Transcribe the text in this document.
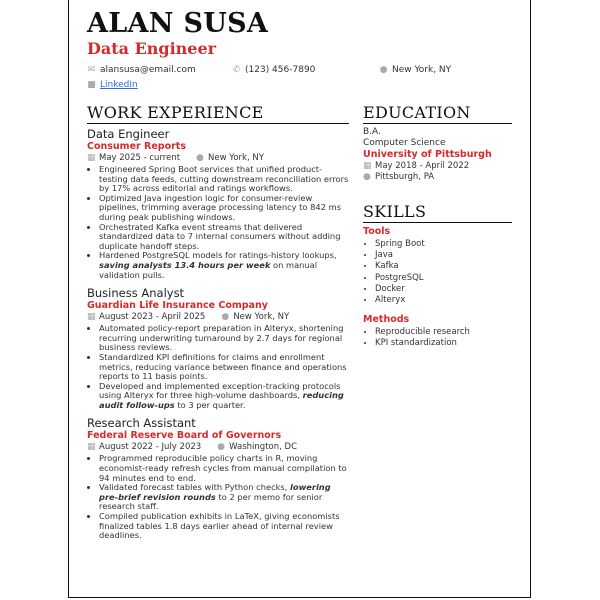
ALAN SUSA
Data Engineer
✉ alansusa@email.com	✆ (123) 456-7890	● New York, NY
■ LinkedIn
WORK EXPERIENCE
Data Engineer
Consumer Reports
▦ May 2025 - current ● New York, NY
• Engineered Spring Boot services that unified product-testing data feeds, cutting downstream reconciliation errors by 17% across editorial and ratings workflows.
• Optimized Java ingestion logic for consumer-review pipelines, trimming average processing latency to 842 ms during peak publishing windows.
• Orchestrated Kafka event streams that delivered standardized data to 7 internal consumers without adding duplicate handoff steps.
• Hardened PostgreSQL models for ratings-history lookups, saving analysts 13.4 hours per week on manual validation pulls.
Business Analyst
Guardian Life Insurance Company
▦ August 2023 - April 2025 ● New York, NY
• Automated policy-report preparation in Alteryx, shortening recurring underwriting turnaround by 2.7 days for regional business reviews.
• Standardized KPI definitions for claims and enrollment metrics, reducing variance between finance and operations reports to 11 basis points.
• Developed and implemented exception-tracking protocols using Alteryx for three high-volume dashboards, reducing audit follow-ups to 3 per quarter.
Research Assistant
Federal Reserve Board of Governors
▦ August 2022 - July 2023 ● Washington, DC
• Programmed reproducible policy charts in R, moving economist-ready refresh cycles from manual compilation to 94 minutes end to end.
• Validated forecast tables with Python checks, lowering pre-brief revision rounds to 2 per memo for senior research staff.
• Compiled publication exhibits in LaTeX, giving economists finalized tables 1.8 days earlier ahead of internal review deadlines.
EDUCATION
B.A.
Computer Science
University of Pittsburgh
▦ May 2018 - April 2022
● Pittsburgh, PA
SKILLS
Tools
• Spring Boot
• Java
• Kafka
• PostgreSQL
• Docker
• Alteryx
Methods
• Reproducible research
• KPI standardization
